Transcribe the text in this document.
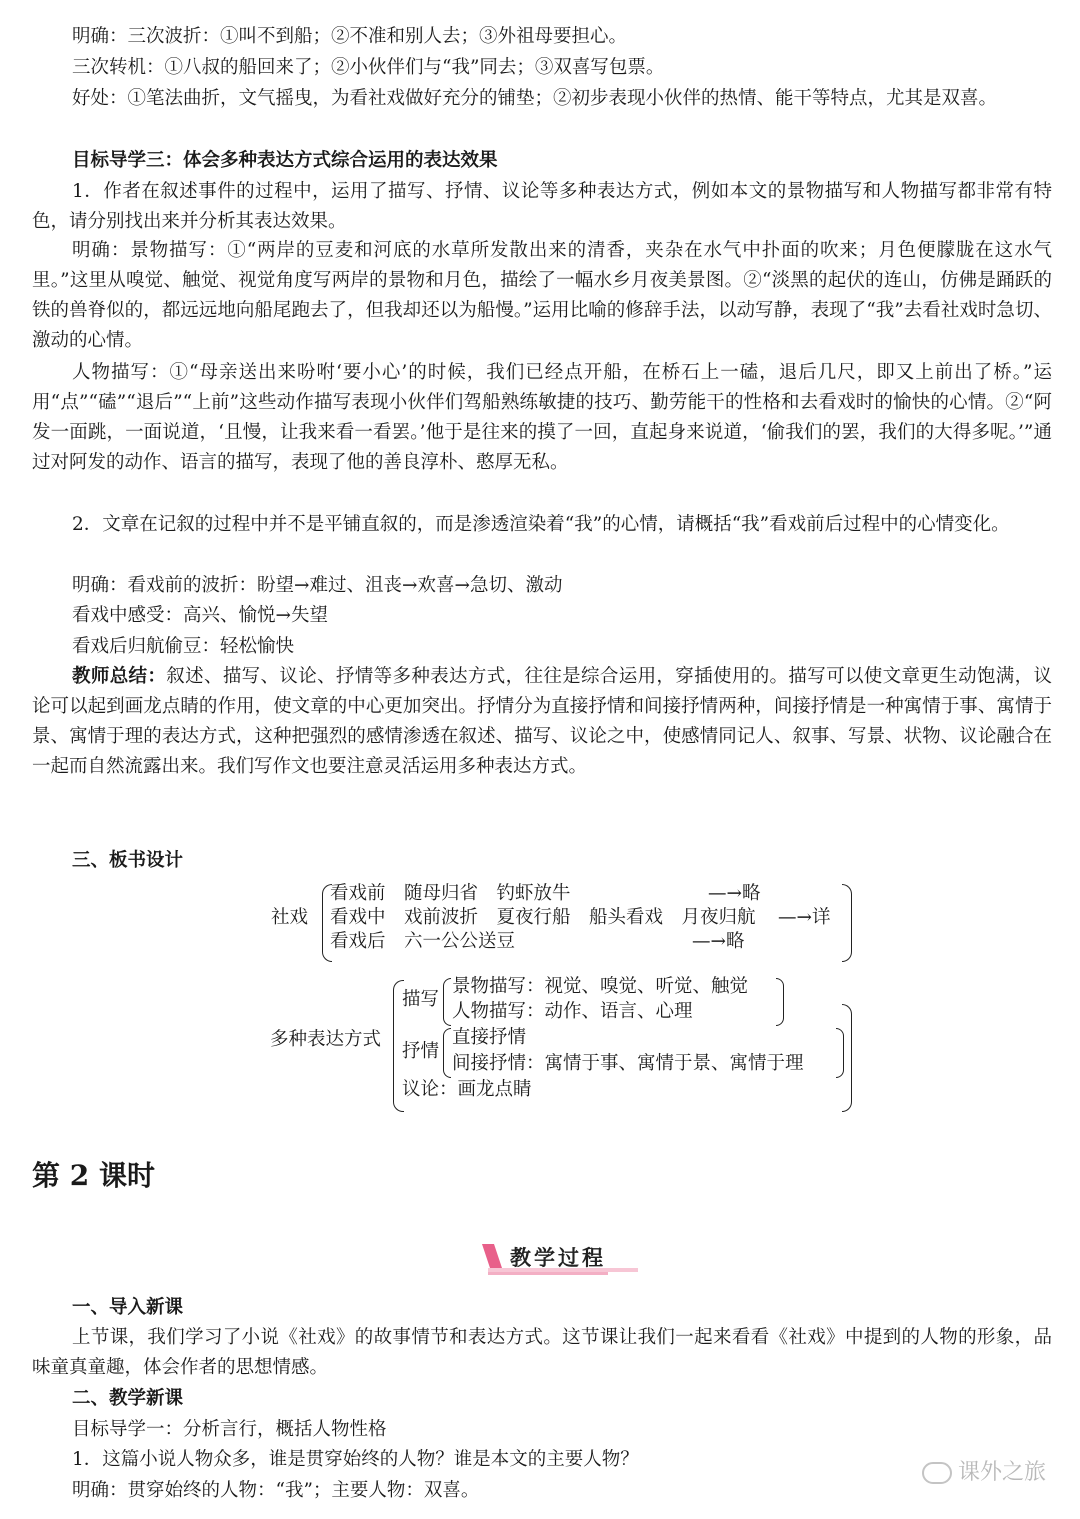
明确：三次波折：①叫不到船；②不准和别人去；③外祖母要担心。

三次转机：①八叔的船回来了；②小伙伴们与“我”同去；③双喜写包票。

好处：①笔法曲折，文气摇曳，为看社戏做好充分的铺垫；②初步表现小伙伴的热情、能干等特点，尤其是双喜。

目标导学三：体会多种表达方式综合运用的表达效果

1．作者在叙述事件的过程中，运用了描写、抒情、议论等多种表达方式，例如本文的景物描写和人物描写都非常有特色，请分别找出来并分析其表达效果。

明确：景物描写：①“两岸的豆麦和河底的水草所发散出来的清香，夹杂在水气中扑面的吹来；月色便朦胧在这水气里。”这里从嗅觉、触觉、视觉角度写两岸的景物和月色，描绘了一幅水乡月夜美景图。②“淡黑的起伏的连山，仿佛是踊跃的铁的兽脊似的，都远远地向船尾跑去了，但我却还以为船慢。”运用比喻的修辞手法，以动写静，表现了“我”去看社戏时急切、激动的心情。

人物描写：①“母亲送出来吩咐‘要小心’的时候，我们已经点开船，在桥石上一磕，退后几尺，即又上前出了桥。”运用“点”“磕”“退后”“上前”这些动作描写表现小伙伴们驾船熟练敏捷的技巧、勤劳能干的性格和去看戏时的愉快的心情。②“阿发一面跳，一面说道，‘且慢，让我来看一看罢。’他于是往来的摸了一回，直起身来说道，‘偷我们的罢，我们的大得多呢。’”通过对阿发的动作、语言的描写，表现了他的善良淳朴、憨厚无私。

2．文章在记叙的过程中并不是平铺直叙的，而是渗透渲染着“我”的心情，请概括“我”看戏前后过程中的心情变化。

明确：看戏前的波折：盼望→难过、沮丧→欢喜→急切、激动

看戏中感受：高兴、愉悦→失望

看戏后归航偷豆：轻松愉快

教师总结：叙述、描写、议论、抒情等多种表达方式，往往是综合运用，穿插使用的。描写可以使文章更生动饱满，议论可以起到画龙点睛的作用，使文章的中心更加突出。抒情分为直接抒情和间接抒情两种，间接抒情是一种寓情于事、寓情于景、寓情于理的表达方式，这种把强烈的感情渗透在叙述、描写、议论之中，使感情同记人、叙事、写景、状物、议论融合在一起而自然流露出来。我们写作文也要注意灵活运用多种表达方式。

三、板书设计

社戏
看戏前　随母归省　钓虾放牛	—→略
看戏中　戏前波折　夏夜行船　船头看戏　月夜归航 —→详
看戏后　六一公公送豆	—→略
多种表达方式
描写
景物描写：视觉、嗅觉、听觉、触觉
人物描写：动作、语言、心理
抒情
直接抒情
间接抒情：寓情于事、寓情于景、寓情于理
议论：画龙点睛

第 2 课时

教学过程

一、导入新课

上节课，我们学习了小说《社戏》的故事情节和表达方式。这节课让我们一起来看看《社戏》中提到的人物的形象，品味童真童趣，体会作者的思想情感。

二、教学新课

目标导学一：分析言行，概括人物性格

1．这篇小说人物众多，谁是贯穿始终的人物？谁是本文的主要人物？

明确：贯穿始终的人物：“我”；主要人物：双喜。

课外之旅
